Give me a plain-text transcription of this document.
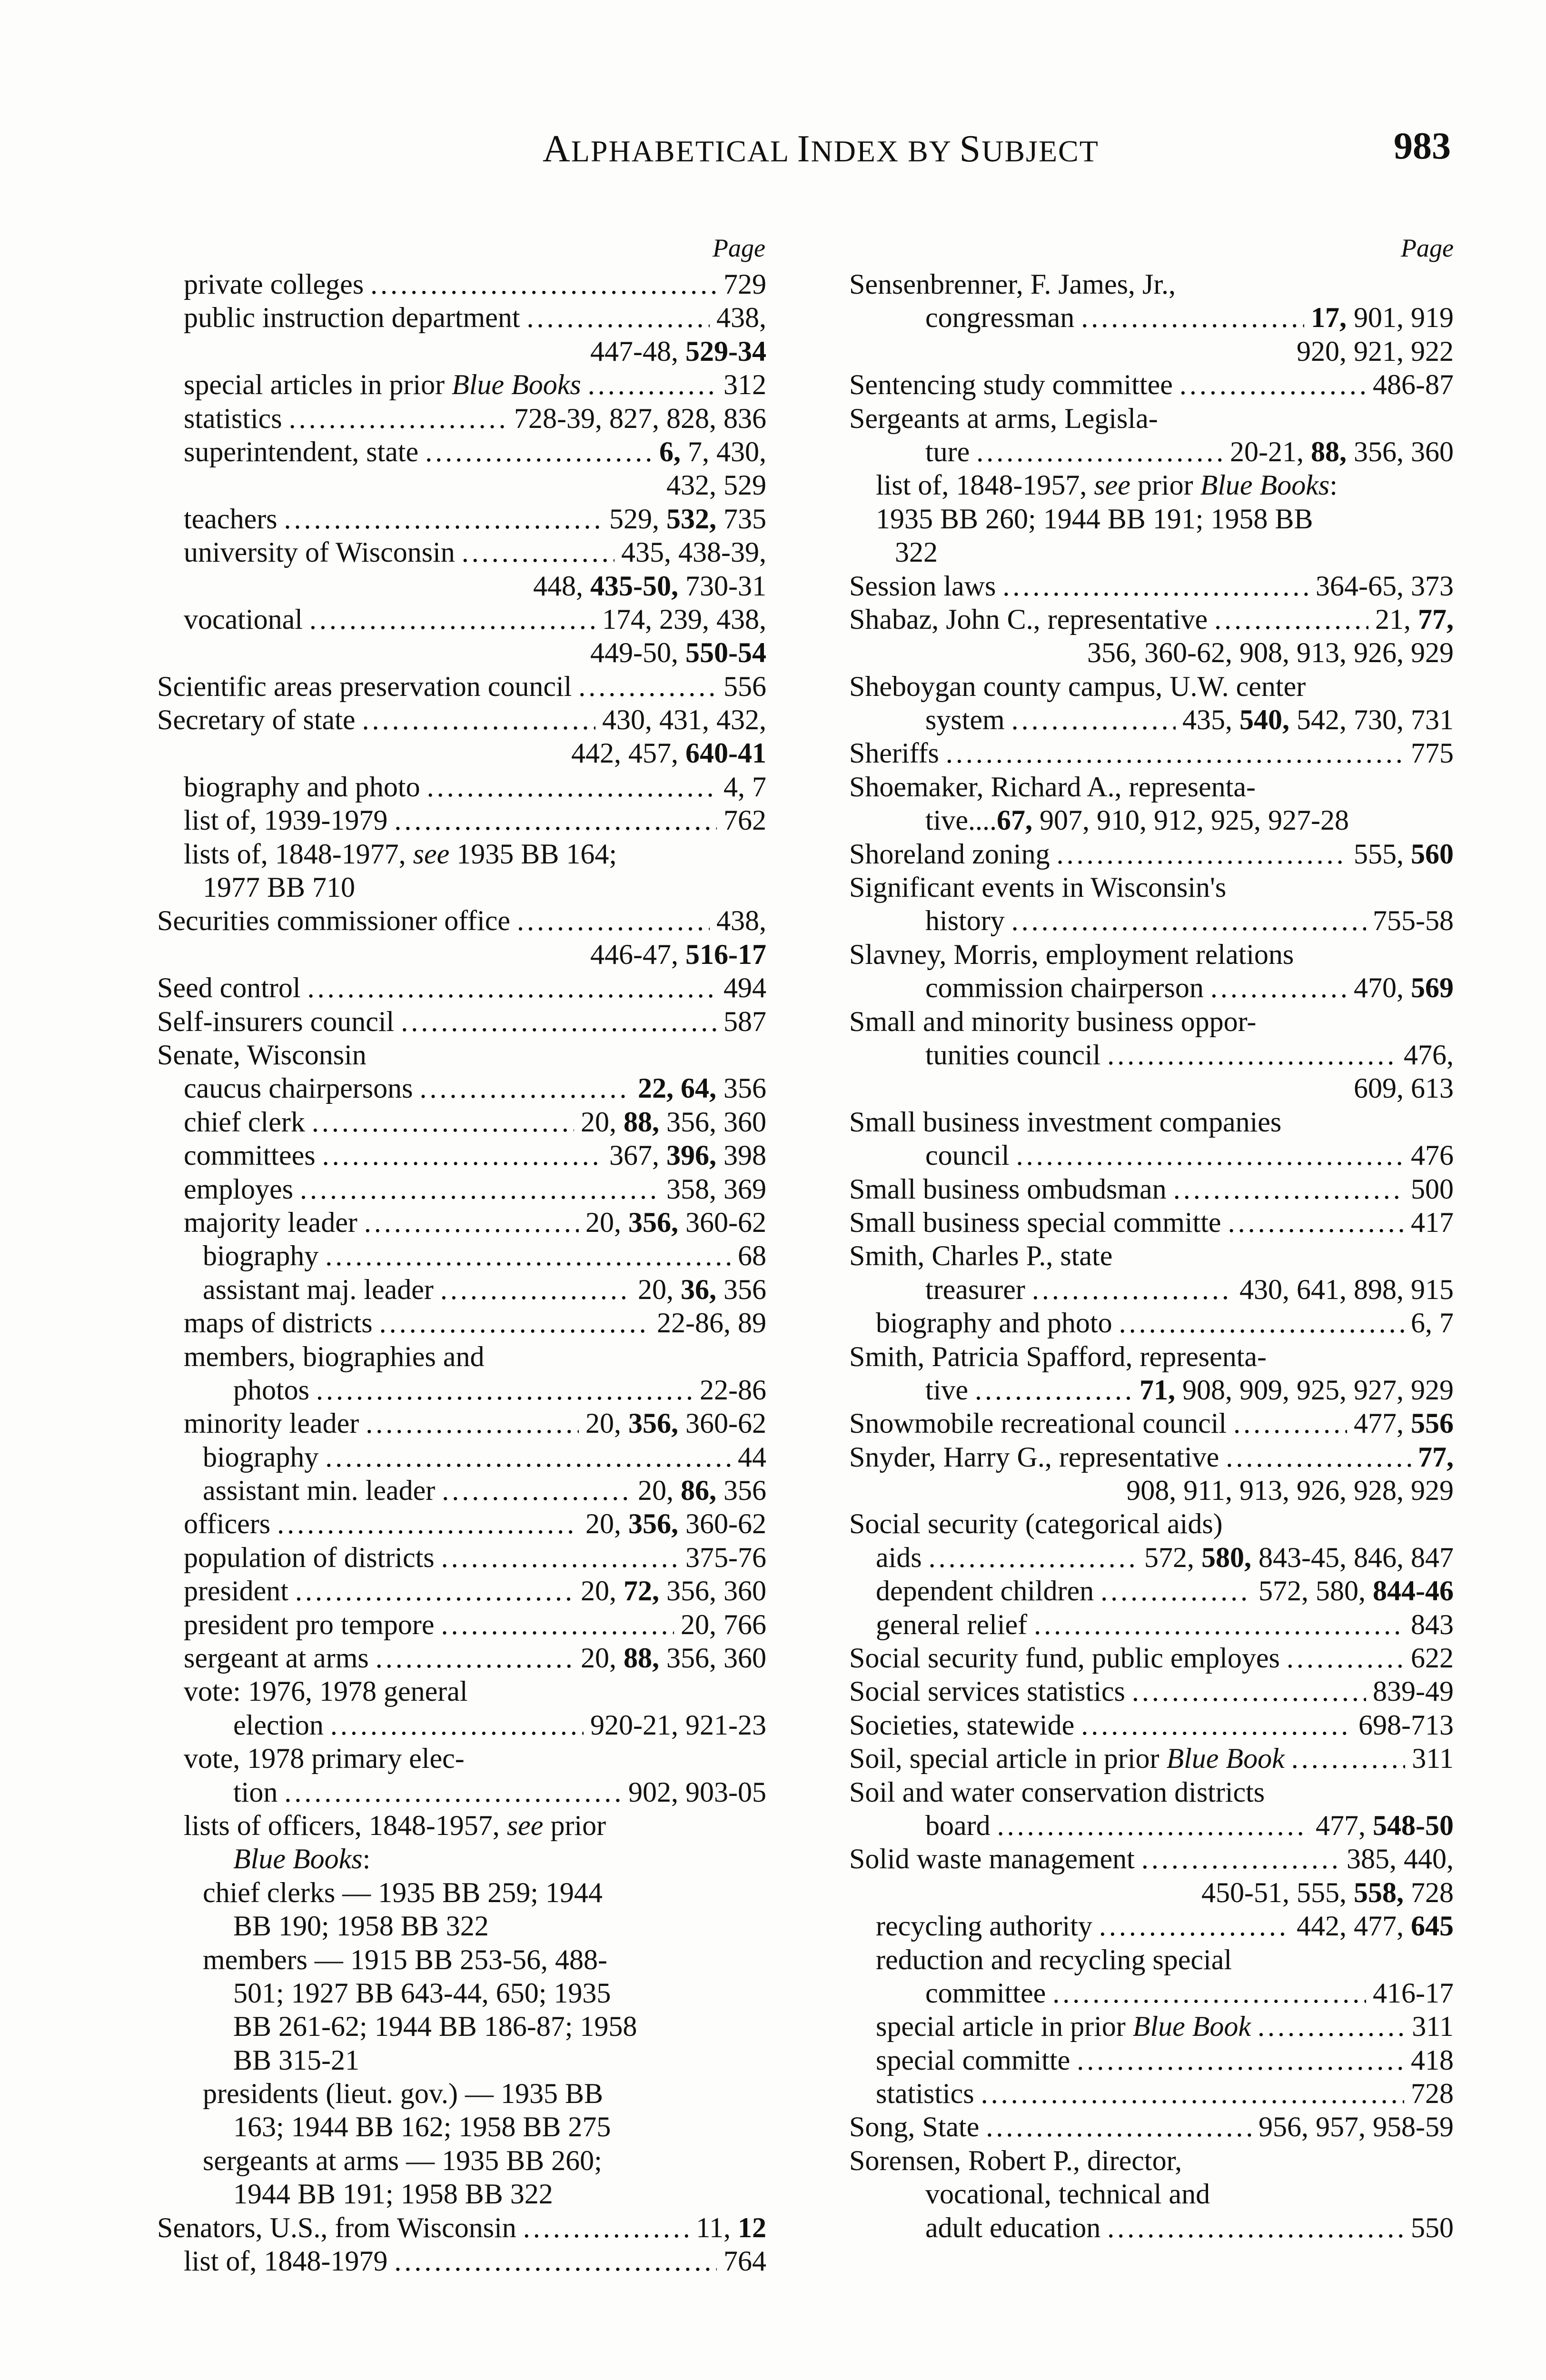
ALPHABETICAL INDEX BY SUBJECT	983
Page	Page
private colleges .....	729
public instruction department .....	438,
447-48, 529-34
special articles in prior Blue Books .....	312
statistics .....	728-39, 827, 828, 836
superintendent, state .....	6, 7, 430,
432, 529
teachers .....	529, 532, 735
university of Wisconsin .....	435, 438-39,
448, 435-50, 730-31
vocational .....	174, 239, 438,
449-50, 550-54
Scientific areas preservation council .....	556
Secretary of state .....	430, 431, 432,
442, 457, 640-41
biography and photo .....	4, 7
list of, 1939-1979 .....	762
lists of, 1848-1977, see 1935 BB 164;
1977 BB 710
Securities commissioner office .....	438,
446-47, 516-17
Seed control .....	494
Self-insurers council .....	587
Senate, Wisconsin
caucus chairpersons .....	22, 64, 356
chief clerk .....	20, 88, 356, 360
committees .....	367, 396, 398
employes .....	358, 369
majority leader .....	20, 356, 360-62
biography .....	68
assistant maj. leader .....	20, 36, 356
maps of districts .....	22-86, 89
members, biographies and
photos .....	22-86
minority leader .....	20, 356, 360-62
biography .....	44
assistant min. leader .....	20, 86, 356
officers .....	20, 356, 360-62
population of districts .....	375-76
president .....	20, 72, 356, 360
president pro tempore .....	20, 766
sergeant at arms .....	20, 88, 356, 360
vote: 1976, 1978 general
election .....	920-21, 921-23
vote, 1978 primary elec-
tion .....	902, 903-05
lists of officers, 1848-1957, see prior
Blue Books:
chief clerks — 1935 BB 259; 1944
BB 190; 1958 BB 322
members — 1915 BB 253-56, 488-
501; 1927 BB 643-44, 650; 1935
BB 261-62; 1944 BB 186-87; 1958
BB 315-21
presidents (lieut. gov.) — 1935 BB
163; 1944 BB 162; 1958 BB 275
sergeants at arms — 1935 BB 260;
1944 BB 191; 1958 BB 322
Senators, U.S., from Wisconsin .....	11, 12
list of, 1848-1979 .....	764
Sensenbrenner, F. James, Jr.,
congressman .....	17, 901, 919
920, 921, 922
Sentencing study committee .....	486-87
Sergeants at arms, Legisla-
ture .....	20-21, 88, 356, 360
list of, 1848-1957, see prior Blue Books:
1935 BB 260; 1944 BB 191; 1958 BB
322
Session laws .....	364-65, 373
Shabaz, John C., representative .....	21, 77,
356, 360-62, 908, 913, 926, 929
Sheboygan county campus, U.W. center
system .....	435, 540, 542, 730, 731
Sheriffs .....	775
Shoemaker, Richard A., representa-
tive.... 67, 907, 910, 912, 925, 927-28
Shoreland zoning .....	555, 560
Significant events in Wisconsin's
history .....	755-58
Slavney, Morris, employment relations
commission chairperson .....	470, 569
Small and minority business oppor-
tunities council .....	476,
609, 613
Small business investment companies
council .....	476
Small business ombudsman .....	500
Small business special committe .....	417
Smith, Charles P., state
treasurer .....	430, 641, 898, 915
biography and photo .....	6, 7
Smith, Patricia Spafford, representa-
tive .....	71, 908, 909, 925, 927, 929
Snowmobile recreational council .....	477, 556
Snyder, Harry G., representative .....	77,
908, 911, 913, 926, 928, 929
Social security (categorical aids)
aids .....	572, 580, 843-45, 846, 847
dependent children .....	572, 580, 844-46
general relief .....	843
Social security fund, public employes .....	622
Social services statistics .....	839-49
Societies, statewide .....	698-713
Soil, special article in prior Blue Book .....	311
Soil and water conservation districts
board .....	477, 548-50
Solid waste management .....	385, 440,
450-51, 555, 558, 728
recycling authority .....	442, 477, 645
reduction and recycling special
committee .....	416-17
special article in prior Blue Book .....	311
special committe .....	418
statistics .....	728
Song, State .....	956, 957, 958-59
Sorensen, Robert P., director,
vocational, technical and
adult education .....	550
